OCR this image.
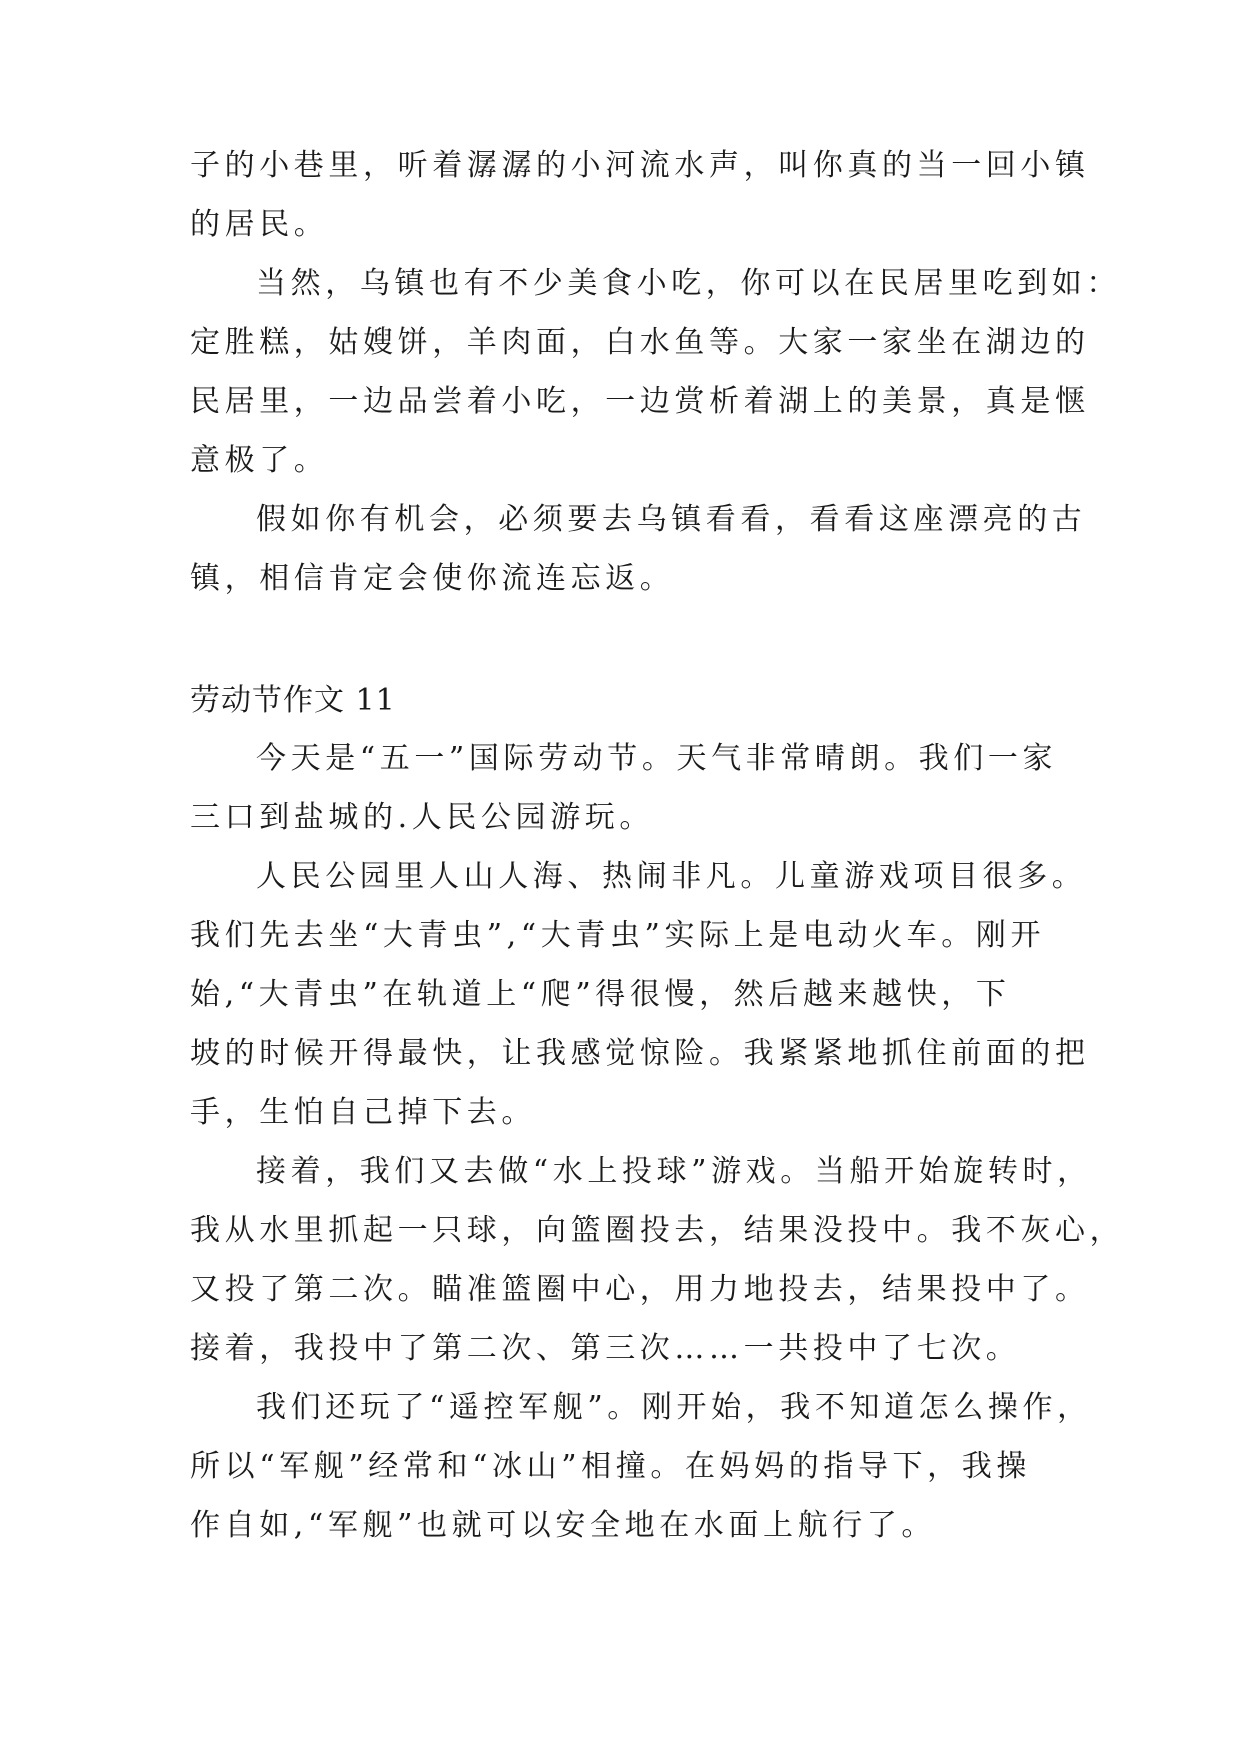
子的小巷里，听着潺潺的小河流水声，叫你真的当一回小镇
的居民。
当然，乌镇也有不少美食小吃，你可以在民居里吃到如：
定胜糕，姑嫂饼，羊肉面，白水鱼等。大家一家坐在湖边的
民居里，一边品尝着小吃，一边赏析着湖上的美景，真是惬
意极了。
假如你有机会，必须要去乌镇看看，看看这座漂亮的古
镇，相信肯定会使你流连忘返。
劳动节作文 11
今天是“五一”国际劳动节。天气非常晴朗。我们一家
三口到盐城的.人民公园游玩。
人民公园里人山人海、热闹非凡。儿童游戏项目很多。
我们先去坐“大青虫”,“大青虫”实际上是电动火车。刚开
始,“大青虫”在轨道上“爬”得很慢，然后越来越快，下
坡的时候开得最快，让我感觉惊险。我紧紧地抓住前面的把
手，生怕自己掉下去。
接着，我们又去做“水上投球”游戏。当船开始旋转时，
我从水里抓起一只球，向篮圈投去，结果没投中。我不灰心，
又投了第二次。瞄准篮圈中心，用力地投去，结果投中了。
接着，我投中了第二次、第三次……一共投中了七次。
我们还玩了“遥控军舰”。刚开始，我不知道怎么操作，
所以“军舰”经常和“冰山”相撞。在妈妈的指导下，我操
作自如,“军舰”也就可以安全地在水面上航行了。
